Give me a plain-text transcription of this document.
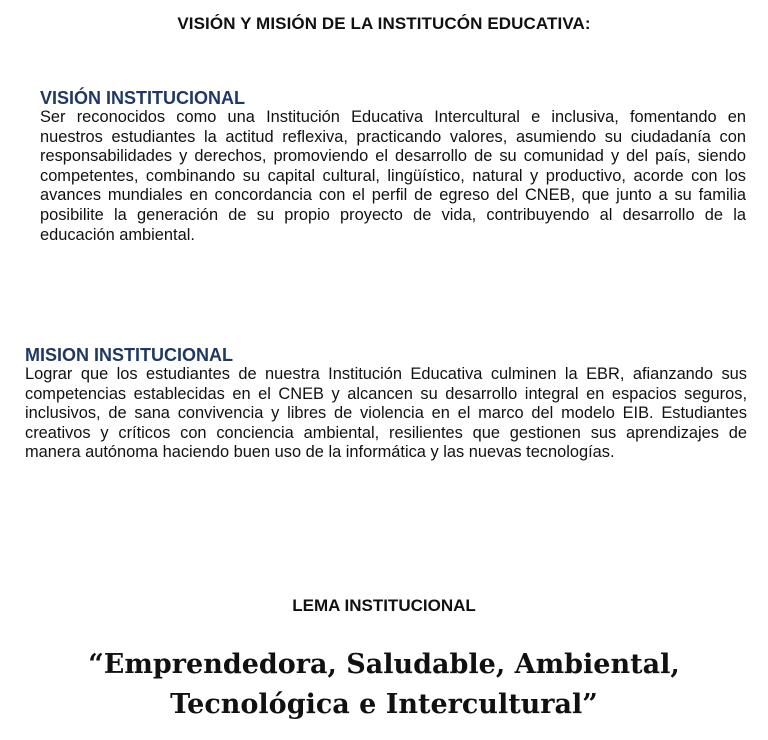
VISIÓN Y MISIÓN DE LA INSTITUCÓN EDUCATIVA:
VISIÓN INSTITUCIONAL
Ser reconocidos como una Institución Educativa Intercultural e inclusiva, fomentando en nuestros estudiantes la actitud reflexiva, practicando valores, asumiendo su ciudadanía con responsabilidades y derechos, promoviendo el desarrollo de su comunidad y del país, siendo competentes, combinando su capital cultural, lingüístico, natural y productivo, acorde con los avances mundiales en concordancia con el perfil de egreso del CNEB, que junto a su familia posibilite la generación de su propio proyecto de vida, contribuyendo al desarrollo de la educación ambiental.
MISION INSTITUCIONAL
Lograr que los estudiantes de nuestra Institución Educativa culminen la EBR, afianzando sus competencias establecidas en el CNEB y alcancen su desarrollo integral en espacios seguros, inclusivos, de sana convivencia y libres de violencia en el marco del modelo EIB. Estudiantes creativos y críticos con conciencia ambiental, resilientes que gestionen sus aprendizajes de manera autónoma haciendo buen uso de la informática y las nuevas tecnologías.
LEMA INSTITUCIONAL
“Emprendedora, Saludable, Ambiental,
Tecnológica e Intercultural”
